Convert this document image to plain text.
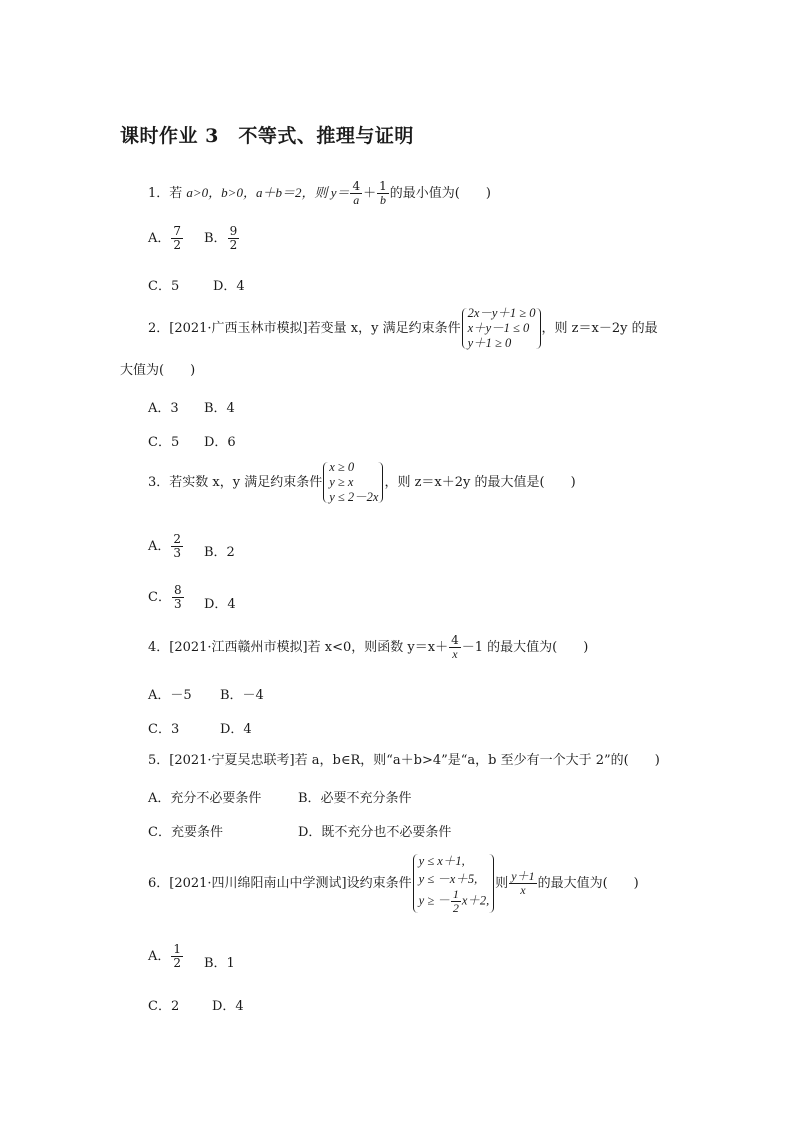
课时作业 3　不等式、推理与证明
1．若 a>0，b>0，a＋b＝2，则 $y= \frac{4}{a} + \frac{1}{b}$ 的最小值为(　　)
A． $\frac{7}{2}$ B． $\frac{9}{2}$
C．5	D．4
2．[2021·广西玉林市模拟]若变量 x，y 满足约束条件
2x－y＋1 ≥ 0
x＋y－1 ≤ 0
y＋1 ≥ 0
，则 z＝x－2y 的最
大值为(　　)
A．3 B．4
C．5 D．6
3．若实数 x，y 满足约束条件
x ≥ 0
y ≥ x
y ≤ 2－2x
，则 z＝x＋2y 的最大值是(　　)
A． $\frac{2}{3}$ B．2
C． $\frac{8}{3}$ D．4
4．[2021·江西赣州市模拟]若 x<0，则函数 $y=x+ \frac{4}{x} -1$ 的最大值为(　　)
A．－5 B．－4
C．3	D．4
5．[2021·宁夏吴忠联考]若 a，b∈R，则“a＋b>4”是“a，b 至少有一个大于 2”的(　　)
A．充分不必要条件	B．必要不充分条件
C．充要条件	D．既不充分也不必要条件
6．[2021·四川绵阳南山中学测试]设约束条件
y ≤ x＋1,
y ≤ －x＋5,
y ≥ － $\frac{1}{2} x+2$,
则 $\frac{y+1}{x}$ 的最大值为(　　)
A． $\frac{1}{2}$ B．1
C．2	D．4
